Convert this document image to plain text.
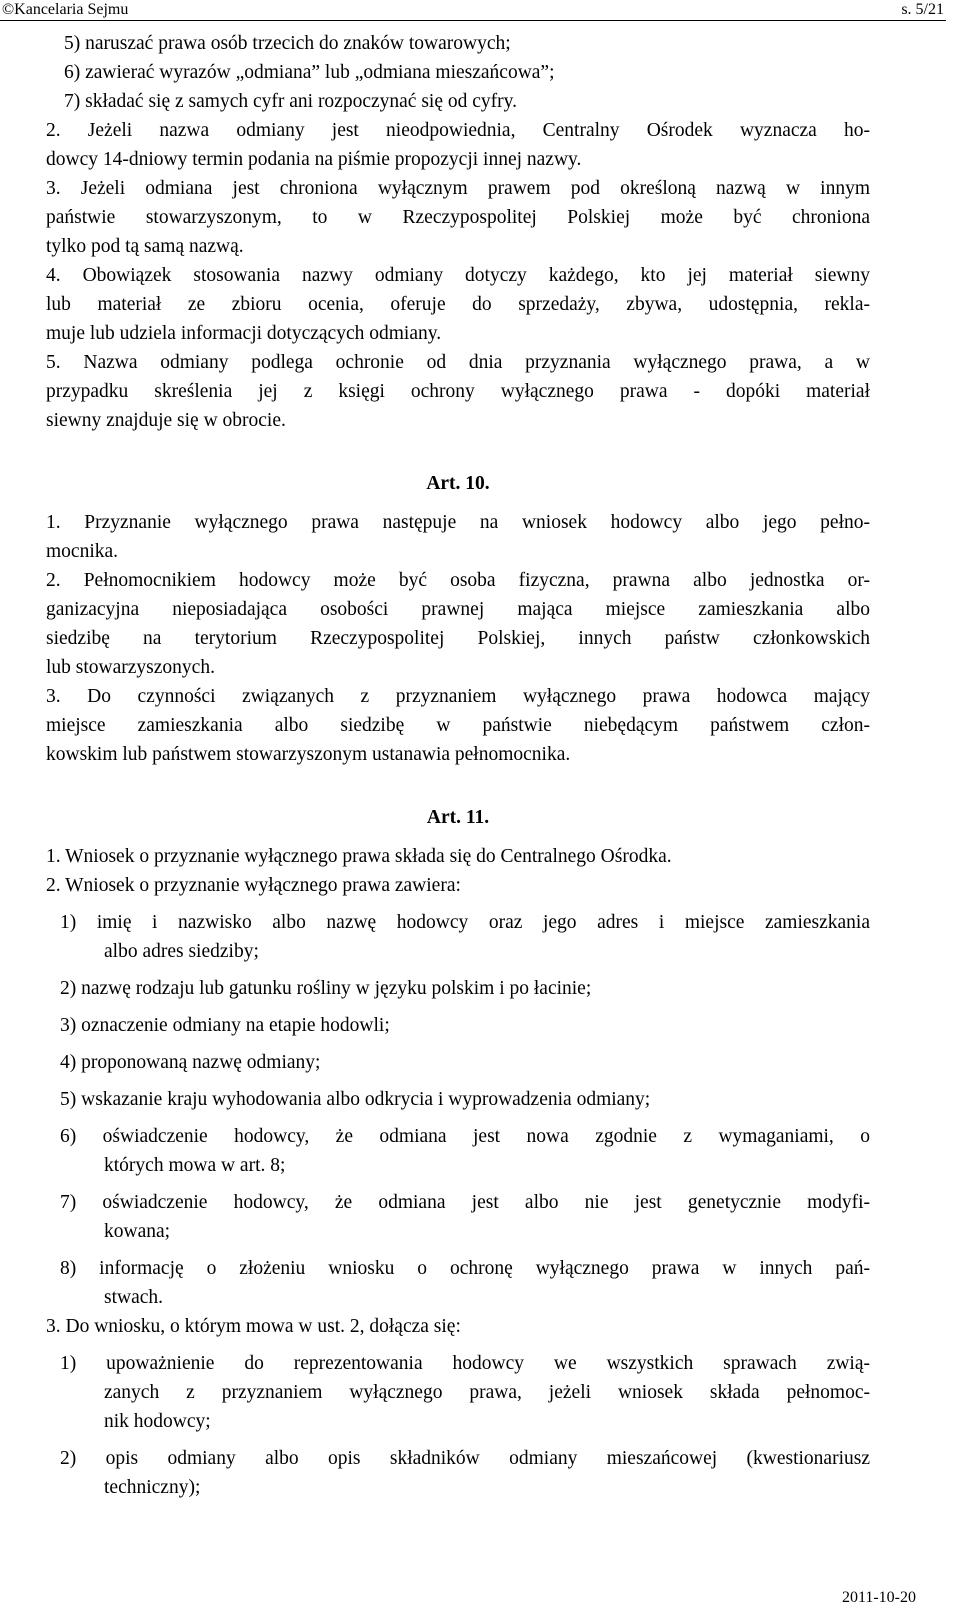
©Kancelaria Sejmu	s. 5/21
5) naruszać prawa osób trzecich do znaków towarowych;
6) zawierać wyrazów „odmiana” lub „odmiana mieszańcowa”;
7) składać się z samych cyfr ani rozpoczynać się od cyfry.
2. Jeżeli nazwa odmiany jest nieodpowiednia, Centralny Ośrodek wyznacza ho-
dowcy 14-dniowy termin podania na piśmie propozycji innej nazwy.
3. Jeżeli odmiana jest chroniona wyłącznym prawem pod określoną nazwą w innym
państwie stowarzyszonym, to w Rzeczypospolitej Polskiej może być chroniona
tylko pod tą samą nazwą.
4. Obowiązek stosowania nazwy odmiany dotyczy każdego, kto jej materiał siewny
lub materiał ze zbioru ocenia, oferuje do sprzedaży, zbywa, udostępnia, rekla-
muje lub udziela informacji dotyczących odmiany.
5. Nazwa odmiany podlega ochronie od dnia przyznania wyłącznego prawa, a w
przypadku skreślenia jej z księgi ochrony wyłącznego prawa - dopóki materiał
siewny znajduje się w obrocie.
Art. 10.
1. Przyznanie wyłącznego prawa następuje na wniosek hodowcy albo jego pełno-
mocnika.
2. Pełnomocnikiem hodowcy może być osoba fizyczna, prawna albo jednostka or-
ganizacyjna nieposiadająca osobości prawnej mająca miejsce zamieszkania albo
siedzibę na terytorium Rzeczypospolitej Polskiej, innych państw członkowskich
lub stowarzyszonych.
3. Do czynności związanych z przyznaniem wyłącznego prawa hodowca mający
miejsce zamieszkania albo siedzibę w państwie niebędącym państwem człon-
kowskim lub państwem stowarzyszonym ustanawia pełnomocnika.
Art. 11.
1. Wniosek o przyznanie wyłącznego prawa składa się do Centralnego Ośrodka.
2. Wniosek o przyznanie wyłącznego prawa zawiera:
1) imię i nazwisko albo nazwę hodowcy oraz jego adres i miejsce zamieszkania
albo adres siedziby;
2) nazwę rodzaju lub gatunku rośliny w języku polskim i po łacinie;
3) oznaczenie odmiany na etapie hodowli;
4) proponowaną nazwę odmiany;
5) wskazanie kraju wyhodowania albo odkrycia i wyprowadzenia odmiany;
6) oświadczenie hodowcy, że odmiana jest nowa zgodnie z wymaganiami, o
których mowa w art. 8;
7) oświadczenie hodowcy, że odmiana jest albo nie jest genetycznie modyfi-
kowana;
8) informację o złożeniu wniosku o ochronę wyłącznego prawa w innych pań-
stwach.
3. Do wniosku, o którym mowa w ust. 2, dołącza się:
1) upoważnienie do reprezentowania hodowcy we wszystkich sprawach zwią-
zanych z przyznaniem wyłącznego prawa, jeżeli wniosek składa pełnomoc-
nik hodowcy;
2) opis odmiany albo opis składników odmiany mieszańcowej (kwestionariusz
techniczny);
2011-10-20
